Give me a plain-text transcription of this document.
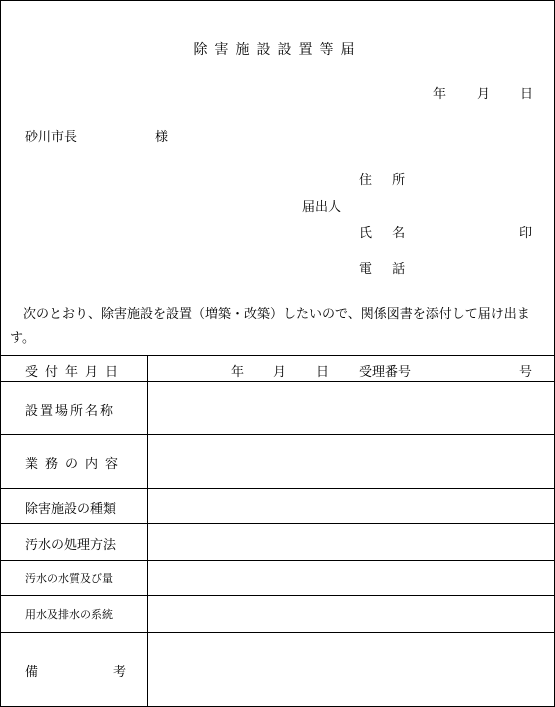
除害施設設置等届
年 月 日
砂川市長	様
住 所
届出人
氏 名	印
電 話
次のとおり、除害施設を設置（増築・改築）したいので、関係図書を添付して届け出ます。
受付年月日	年 月 日 受理番号	号
設置場所名称
業務の内容
除害施設の種類
汚水の処理方法
汚水の水質及び量
用水及排水の系統
備	考
